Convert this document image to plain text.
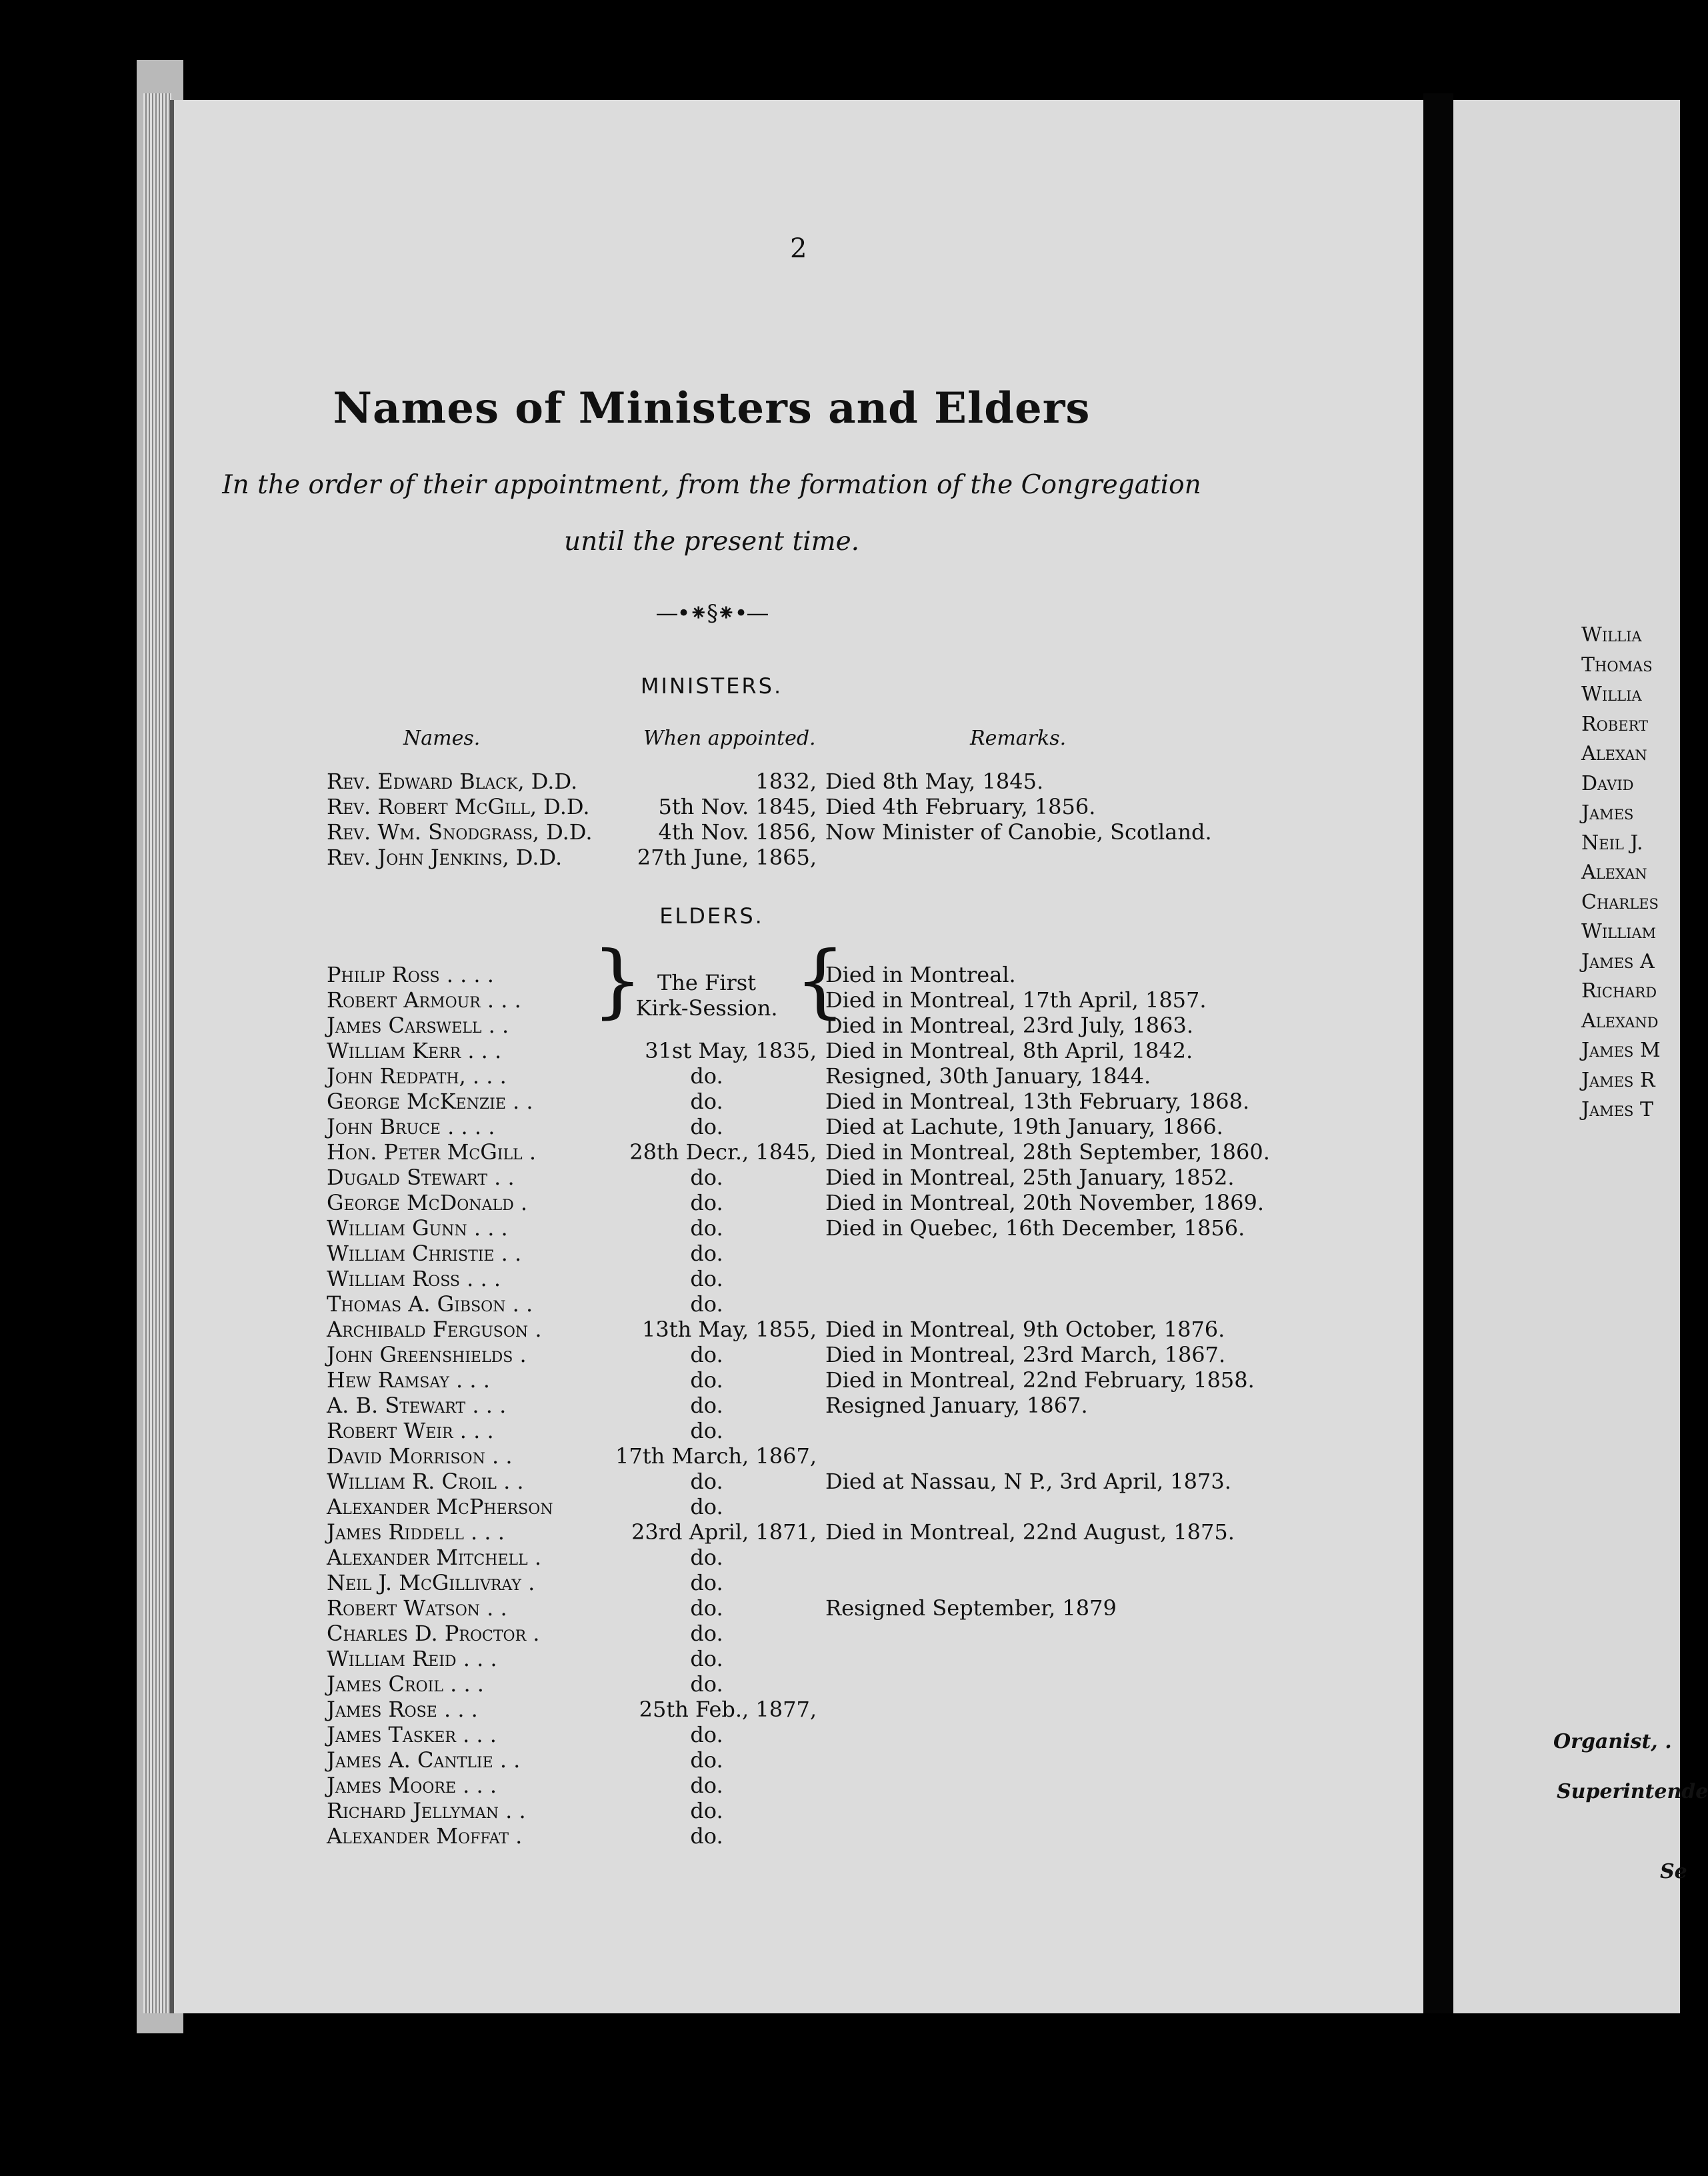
2
Names of Ministers and Elders
In the order of their appointment, from the formation of the Congregation
until the present time.
—•⁕§⁕•—
MINISTERS.
Names.	When appointed.	Remarks.
Rev. Edward Black, D.D.	1832, Died 8th May, 1845.
Rev. Robert McGill, D.D.	5th Nov. 1845, Died 4th February, 1856.
Rev. Wm. Snodgrass, D.D.	4th Nov. 1856, Now Minister of Canobie, Scotland.
Rev. John Jenkins, D.D.	27th June, 1865,
ELDERS.
} {
The First
Kirk-Session.
Philip Ross . . . .	Died in Montreal.
Robert Armour . . .	Died in Montreal, 17th April, 1857.
James Carswell . .	Died in Montreal, 23rd July, 1863.
William Kerr . . .	31st May, 1835, Died in Montreal, 8th April, 1842.
John Redpath, . . .	do.	Resigned, 30th January, 1844.
George McKenzie . .	do.	Died in Montreal, 13th February, 1868.
John Bruce . . . .	do.	Died at Lachute, 19th January, 1866.
Hon. Peter McGill .	28th Decr., 1845, Died in Montreal, 28th September, 1860.
Dugald Stewart . .	do.	Died in Montreal, 25th January, 1852.
George McDonald .	do.	Died in Montreal, 20th November, 1869.
William Gunn . . .	do.	Died in Quebec, 16th December, 1856.
William Christie . .	do.
William Ross . . .	do.
Thomas A. Gibson . .	do.
Archibald Ferguson .	13th May, 1855, Died in Montreal, 9th October, 1876.
John Greenshields .	do.	Died in Montreal, 23rd March, 1867.
Hew Ramsay . . .	do.	Died in Montreal, 22nd February, 1858.
A. B. Stewart . . .	do.	Resigned January, 1867.
Robert Weir . . .	do.
David Morrison . .	17th March, 1867,
William R. Croil . .	do.	Died at Nassau, N P., 3rd April, 1873.
Alexander McPherson	do.
James Riddell . . .	23rd April, 1871, Died in Montreal, 22nd August, 1875.
Alexander Mitchell .	do.
Neil J. McGillivray .	do.
Robert Watson . .	do.	Resigned September, 1879
Charles D. Proctor .	do.
William Reid . . .	do.
James Croil . . .	do.
James Rose . . .	25th Feb., 1877,
James Tasker . . .	do.
James A. Cantlie . .	do.
James Moore . . .	do.
Richard Jellyman . .	do.
Alexander Moffat .	do.
Willia
Thomas
Willia
Robert
Alexan
David
James
Neil J.
Alexan
Charles
William
James A
Richard
Alexand
James M
James R
James T
Organist, .
Superintende
Se
